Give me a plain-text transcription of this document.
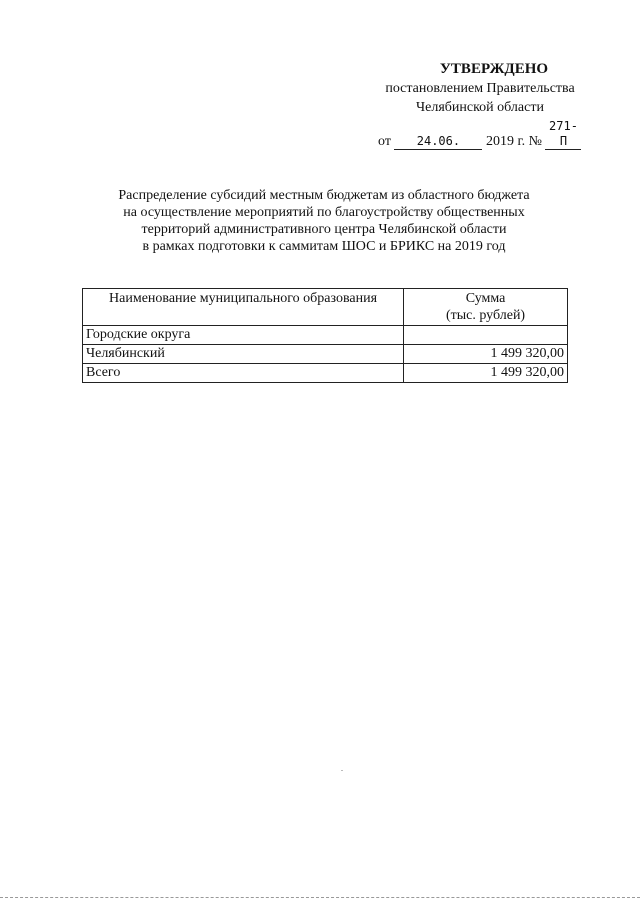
УТВЕРЖДЕНО
постановлением Правительства
Челябинской области
от 24.06. 2019 г. № 271-П
Распределение субсидий местным бюджетам из областного бюджета
на осуществление мероприятий по благоустройству общественных
территорий административного центра Челябинской области
в рамках подготовки к саммитам ШОС и БРИКС на 2019 год
Наименование муниципального образования	Сумма
(тыс. рублей)

Городские округа	
Челябинский	1 499 320,00
Всего	1 499 320,00
